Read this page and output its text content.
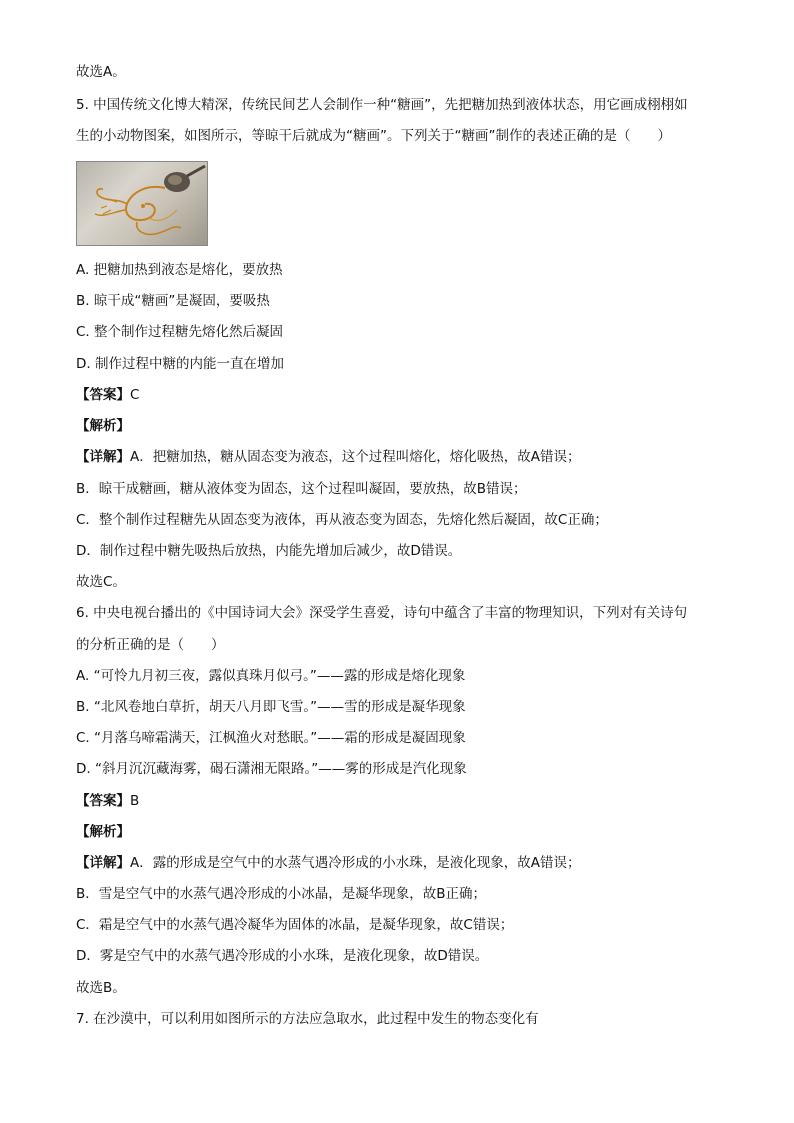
故选A。
5. 中国传统文化博大精深，传统民间艺人会制作一种“糖画”，先把糖加热到液体状态，用它画成栩栩如
生的小动物图案，如图所示，等晾干后就成为“糖画”。下列关于“糖画”制作的表述正确的是（　　）
A. 把糖加热到液态是熔化，要放热
B. 晾干成“糖画”是凝固，要吸热
C. 整个制作过程糖先熔化然后凝固
D. 制作过程中糖的内能一直在增加
【答案】C
【解析】
【详解】A．把糖加热，糖从固态变为液态，这个过程叫熔化，熔化吸热，故A错误；
B．晾干成糖画，糖从液体变为固态，这个过程叫凝固，要放热，故B错误；
C．整个制作过程糖先从固态变为液体，再从液态变为固态，先熔化然后凝固，故C正确；
D．制作过程中糖先吸热后放热，内能先增加后减少，故D错误。
故选C。
6. 中央电视台播出的《中国诗词大会》深受学生喜爱，诗句中蕴含了丰富的物理知识，下列对有关诗句
的分析正确的是（　　）
A. “可怜九月初三夜，露似真珠月似弓。”——露的形成是熔化现象
B. “北风卷地白草折，胡天八月即飞雪。”——雪的形成是凝华现象
C. “月落乌啼霜满天，江枫渔火对愁眠。”——霜的形成是凝固现象
D. “斜月沉沉藏海雾，碣石潇湘无限路。”——雾的形成是汽化现象
【答案】B
【解析】
【详解】A．露的形成是空气中的水蒸气遇冷形成的小水珠，是液化现象，故A错误；
B．雪是空气中的水蒸气遇冷形成的小冰晶，是凝华现象，故B正确；
C．霜是空气中的水蒸气遇冷凝华为固体的冰晶，是凝华现象，故C错误；
D．雾是空气中的水蒸气遇冷形成的小水珠，是液化现象，故D错误。
故选B。
7. 在沙漠中，可以利用如图所示的方法应急取水，此过程中发生的物态变化有
